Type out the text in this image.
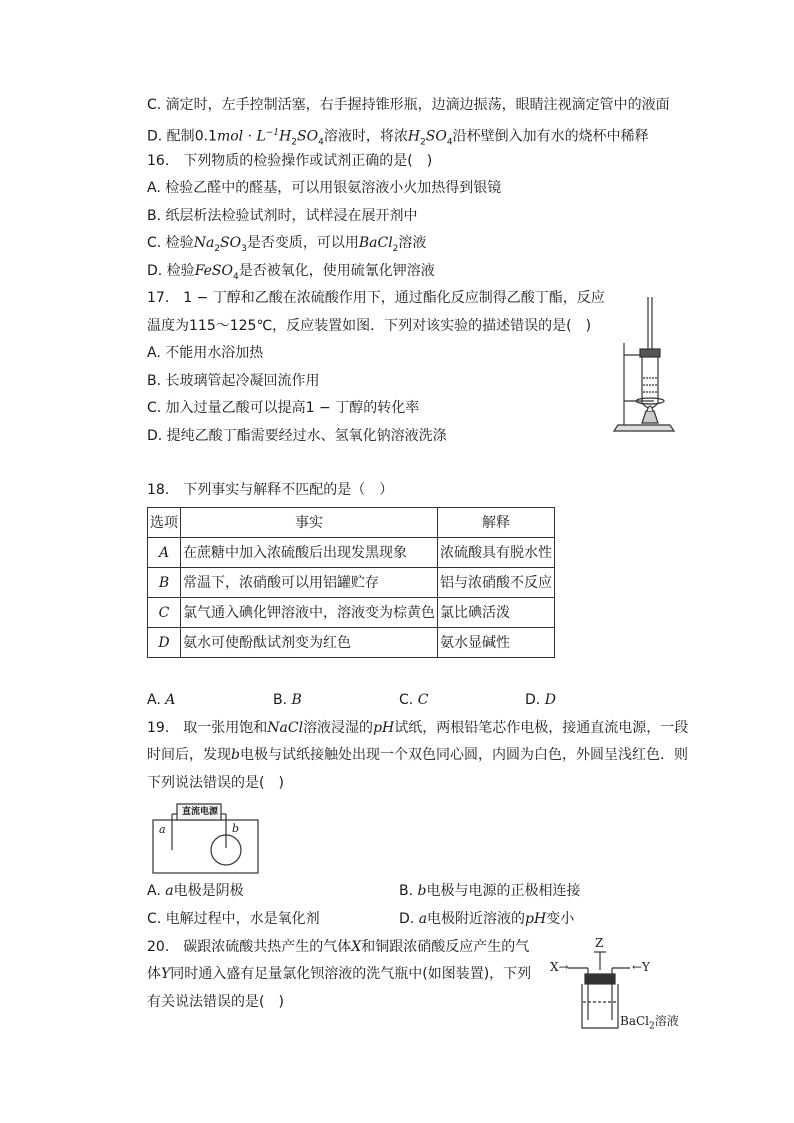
C. 滴定时，左手控制活塞，右手握持锥形瓶，边滴边振荡，眼睛注视滴定管中的液面
D. 配制$0.1mol \cdot L^{-1}H_2SO_4$溶液时，将浓$H_2SO_4$沿杯壁倒入加有水的烧杯中稀释
16.　下列物质的检验操作或试剂正确的是(　)
A. 检验乙醛中的醛基，可以用银氨溶液小火加热得到银镜
B. 纸层析法检验试剂时，试样浸在展开剂中
C. 检验$Na_2SO_3$是否变质，可以用BaCl$_2$溶液
D. 检验FeSO$_4$是否被氧化，使用硫氰化钾溶液
17.　1 − 丁醇和乙酸在浓硫酸作用下，通过酯化反应制得乙酸丁酯，反应
温度为115～125℃，反应装置如图．下列对该实验的描述错误的是(　)
A. 不能用水浴加热
B. 长玻璃管起冷凝回流作用
C. 加入过量乙酸可以提高1 − 丁醇的转化率
D. 提纯乙酸丁酯需要经过水、氢氧化钠溶液洗涤
18.　下列事实与解释不匹配的是（　）
选项	事实	解释
A	在蔗糖中加入浓硫酸后出现发黑现象	浓硫酸具有脱水性
B	常温下，浓硝酸可以用铝罐贮存	铝与浓硝酸不反应
C	氯气通入碘化钾溶液中，溶液变为棕黄色	氯比碘活泼
D	氨水可使酚酞试剂变为红色	氨水显碱性
A. A	B. B	C. C	D. D
19.　取一张用饱和NaCl溶液浸湿的pH试纸，两根铅笔芯作电极，接通直流电源，一段
时间后，发现b电极与试纸接触处出现一个双色同心圆，内圆为白色，外圆呈浅红色．则
下列说法错误的是(　)
直流电源
a	b
A. a电极是阴极	B. b电极与电源的正极相连接
C. 电解过程中，水是氧化剂	D. a电极附近溶液的pH变小
20.　碳跟浓硫酸共热产生的气体X和铜跟浓硝酸反应产生的气
体Y同时通入盛有足量氯化钡溶液的洗气瓶中(如图装置)，下列
有关说法错误的是(　)
Z
X→	←Y
BaCl$_2$溶液
